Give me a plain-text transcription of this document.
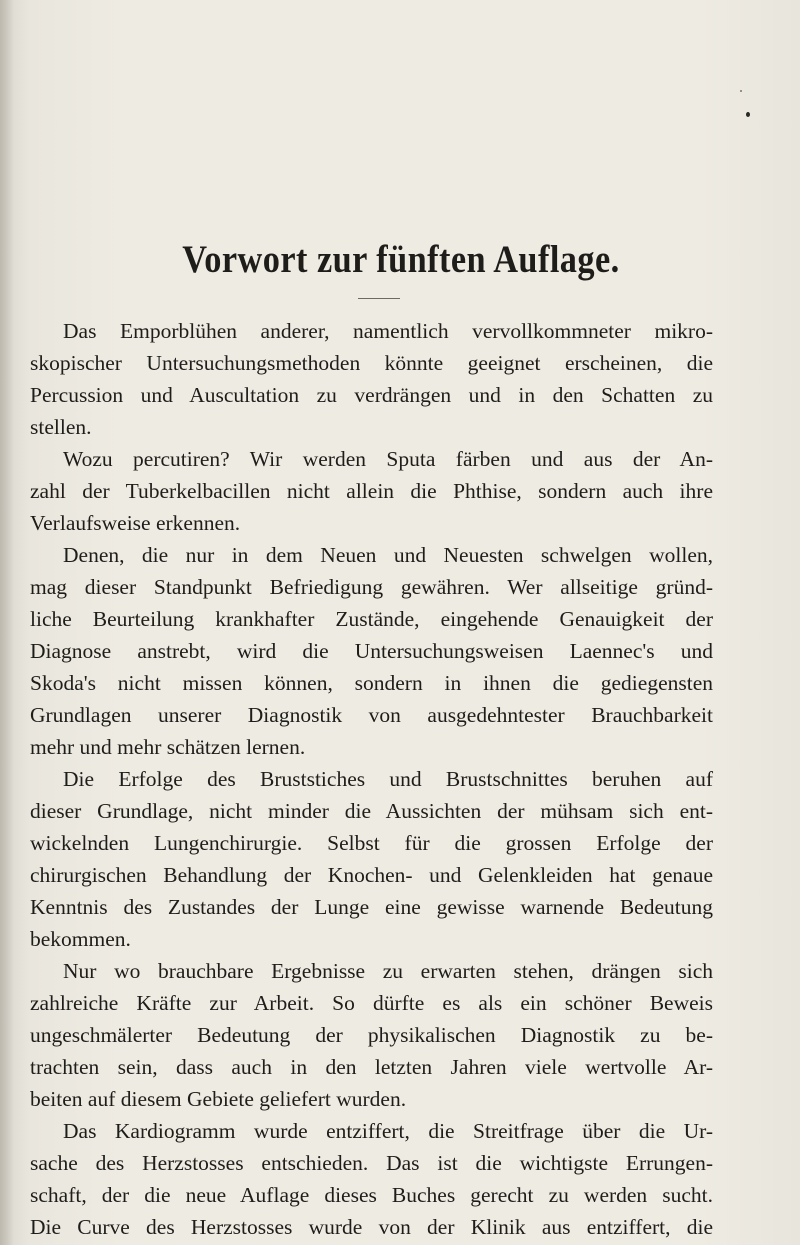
Vorwort zur fünften Auflage.
Das Emporblühen anderer, namentlich vervollkommneter mikro-
skopischer Untersuchungsmethoden könnte geeignet erscheinen, die
Percussion und Auscultation zu verdrängen und in den Schatten zu
stellen.
Wozu percutiren? Wir werden Sputa färben und aus der An-
zahl der Tuberkelbacillen nicht allein die Phthise, sondern auch ihre
Verlaufsweise erkennen.
Denen, die nur in dem Neuen und Neuesten schwelgen wollen,
mag dieser Standpunkt Befriedigung gewähren. Wer allseitige gründ-
liche Beurteilung krankhafter Zustände, eingehende Genauigkeit der
Diagnose anstrebt, wird die Untersuchungsweisen Laennec's und
Skoda's nicht missen können, sondern in ihnen die gediegensten
Grundlagen unserer Diagnostik von ausgedehntester Brauchbarkeit
mehr und mehr schätzen lernen.
Die Erfolge des Bruststiches und Brustschnittes beruhen auf
dieser Grundlage, nicht minder die Aussichten der mühsam sich ent-
wickelnden Lungenchirurgie. Selbst für die grossen Erfolge der
chirurgischen Behandlung der Knochen- und Gelenkleiden hat genaue
Kenntnis des Zustandes der Lunge eine gewisse warnende Bedeutung
bekommen.
Nur wo brauchbare Ergebnisse zu erwarten stehen, drängen sich
zahlreiche Kräfte zur Arbeit. So dürfte es als ein schöner Beweis
ungeschmälerter Bedeutung der physikalischen Diagnostik zu be-
trachten sein, dass auch in den letzten Jahren viele wertvolle Ar-
beiten auf diesem Gebiete geliefert wurden.
Das Kardiogramm wurde entziffert, die Streitfrage über die Ur-
sache des Herzstosses entschieden. Das ist die wichtigste Errungen-
schaft, der die neue Auflage dieses Buches gerecht zu werden sucht.
Die Curve des Herzstosses wurde von der Klinik aus entziffert, die
